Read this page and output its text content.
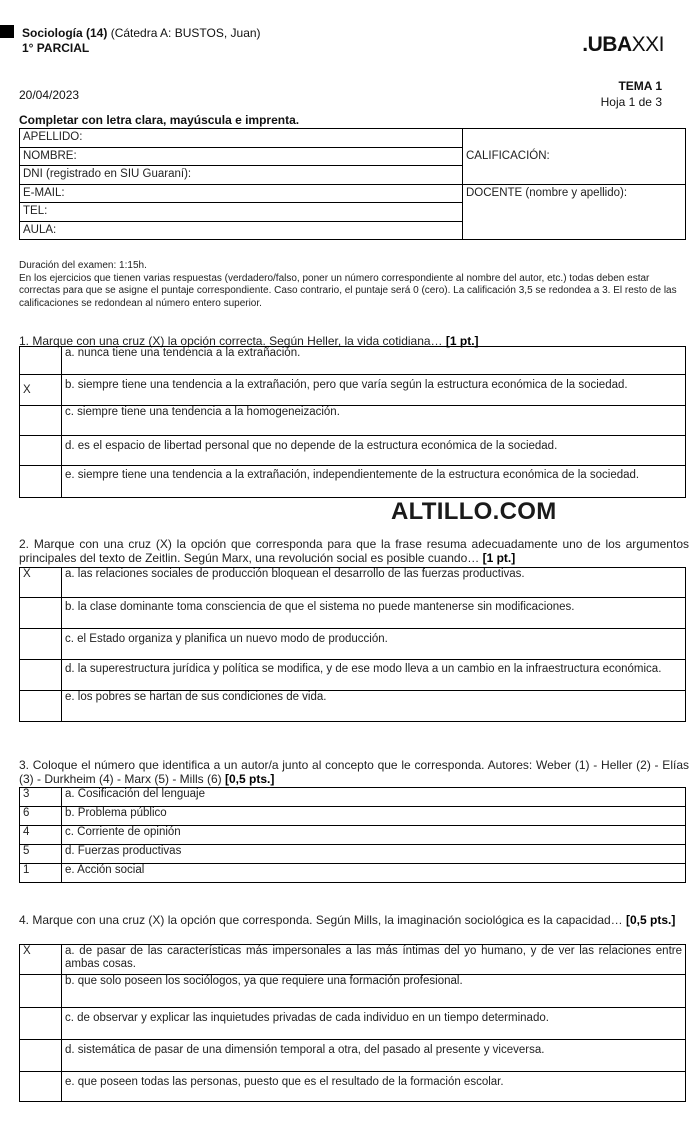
Sociología (14) (Cátedra A: BUSTOS, Juan)
1° PARCIAL	.UBAXXI
20/04/2023
TEMA 1
Hoja 1 de 3
Completar con letra clara, mayúscula e imprenta.
APELLIDO:	CALIFICACIÓN:
NOMBRE:	
DNI (registrado en SIU Guaraní):	
E-MAIL:	DOCENTE (nombre y apellido):
TEL:	
AULA:	
Duración del examen: 1:15h.
En los ejercicios que tienen varias respuestas (verdadero/falso, poner un número correspondiente al nombre del autor, etc.) todas deben estar correctas para que se asigne el puntaje correspondiente. Caso contrario, el puntaje será 0 (cero). La calificación 3,5 se redondea a 3. El resto de las calificaciones se redondean al número entero superior.
1. Marque con una cruz (X) la opción correcta. Según Heller, la vida cotidiana… [1 pt.]
	a. nunca tiene una tendencia a la extrañación.
X	b. siempre tiene una tendencia a la extrañación, pero que varía según la estructura económica de la sociedad.
	c. siempre tiene una tendencia a la homogeneización.
	d. es el espacio de libertad personal que no depende de la estructura económica de la sociedad.
	e. siempre tiene una tendencia a la extrañación, independientemente de la estructura económica de la sociedad.
ALTILLO.COM
2. Marque con una cruz (X) la opción que corresponda para que la frase resuma adecuadamente uno de los argumentos principales del texto de Zeitlin. Según Marx, una revolución social es posible cuando… [1 pt.]
X	a. las relaciones sociales de producción bloquean el desarrollo de las fuerzas productivas.
	b. la clase dominante toma consciencia de que el sistema no puede mantenerse sin modificaciones.
	c. el Estado organiza y planifica un nuevo modo de producción.
	d. la superestructura jurídica y política se modifica, y de ese modo lleva a un cambio en la infraestructura económica.
	e. los pobres se hartan de sus condiciones de vida.
3. Coloque el número que identifica a un autor/a junto al concepto que le corresponda. Autores: Weber (1) - Heller (2) - Elías (3) - Durkheim (4) - Marx (5) - Mills (6) [0,5 pts.]
3	a. Cosificación del lenguaje
6	b. Problema público
4	c. Corriente de opinión
5	d. Fuerzas productivas
1	e. Acción social
4. Marque con una cruz (X) la opción que corresponda. Según Mills, la imaginación sociológica es la capacidad… [0,5 pts.]
X	a. de pasar de las características más impersonales a las más íntimas del yo humano, y de ver las relaciones entre ambas cosas.
	b. que solo poseen los sociólogos, ya que requiere una formación profesional.
	c. de observar y explicar las inquietudes privadas de cada individuo en un tiempo determinado.
	d. sistemática de pasar de una dimensión temporal a otra, del pasado al presente y viceversa.
	e. que poseen todas las personas, puesto que es el resultado de la formación escolar.
